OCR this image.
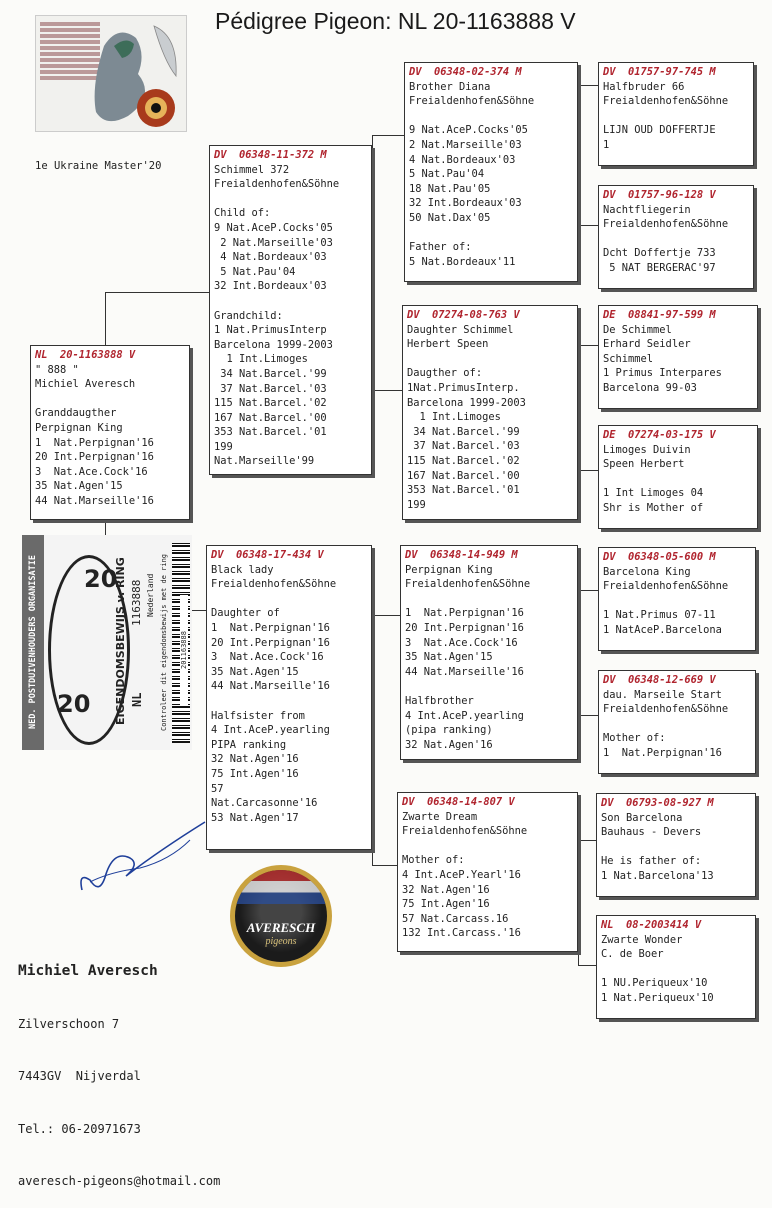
Pédigree Pigeon: NL 20-1163888 V
1e Ukraine Master'20
NL  20-1163888 V
" 888 "
Michiel Averesch
Granddaugther
Perpignan King
1  Nat.Perpignan'16
20 Int.Perpignan'16
3  Nat.Ace.Cock'16
35 Nat.Agen'15
44 Nat.Marseille'16
DV  06348-11-372 M
Schimmel 372
Freialdenhofen&Söhne
Child of:
9 Nat.AceP.Cocks'05
2 Nat.Marseille'03
4 Nat.Bordeaux'03
5 Nat.Pau'04
32 Int.Bordeaux'03
Grandchild:
1 Nat.PrimusInterp
Barcelona 1999-2003
1 Int.Limoges
34 Nat.Barcel.'99
37 Nat.Barcel.'03
115 Nat.Barcel.'02
167 Nat.Barcel.'00
353 Nat.Barcel.'01
199
Nat.Marseille'99
DV  06348-17-434 V
Black lady
Freialdenhofen&Söhne
Daughter of
1  Nat.Perpignan'16
20 Int.Perpignan'16
3  Nat.Ace.Cock'16
35 Nat.Agen'15
44 Nat.Marseille'16
Halfsister from
4 Int.AceP.yearling
PIPA ranking
32 Nat.Agen'16
75 Int.Agen'16
57
Nat.Carcasonne'16
53 Nat.Agen'17
DV  06348-02-374 M
Brother Diana
Freialdenhofen&Söhne
9 Nat.AceP.Cocks'05
2 Nat.Marseille'03
4 Nat.Bordeaux'03
5 Nat.Pau'04
18 Nat.Pau'05
32 Int.Bordeaux'03
50 Nat.Dax'05
Father of:
5 Nat.Bordeaux'11
DV  07274-08-763 V
Daughter Schimmel
Herbert Speen
Daugther of:
1Nat.PrimusInterp.
Barcelona 1999-2003
1 Int.Limoges
34 Nat.Barcel.'99
37 Nat.Barcel.'03
115 Nat.Barcel.'02
167 Nat.Barcel.'00
353 Nat.Barcel.'01
199
DV  06348-14-949 M
Perpignan King
Freialdenhofen&Söhne
1  Nat.Perpignan'16
20 Int.Perpignan'16
3  Nat.Ace.Cock'16
35 Nat.Agen'15
44 Nat.Marseille'16
Halfbrother
4 Int.AceP.yearling
(pipa ranking)
32 Nat.Agen'16
DV  06348-14-807 V
Zwarte Dream
Freialdenhofen&Söhne
Mother of:
4 Int.AceP.Yearl'16
32 Nat.Agen'16
75 Int.Agen'16
57 Nat.Carcass.16
132 Int.Carcass.'16
DV  01757-97-745 M
Halfbruder 66
Freialdenhofen&Söhne
LIJN OUD DOFFERTJE
1
DV  01757-96-128 V
Nachtfliegerin
Freialdenhofen&Söhne
Dcht Doffertje 733
5 NAT BERGERAC'97
DE  08841-97-599 M
De Schimmel
Erhard Seidler
Schimmel
1 Primus Interpares
Barcelona 99-03
DE  07274-03-175 V
Limoges Duivin
Speen Herbert
1 Int Limoges 04
Shr is Mother of
DV  06348-05-600 M
Barcelona King
Freialdenhofen&Söhne
1 Nat.Primus 07-11
1 NatAceP.Barcelona
DV  06348-12-669 V
dau. Marseile Start
Freialdenhofen&Söhne
Mother of:
1  Nat.Perpignan'16
DV  06793-08-927 M
Son Barcelona
Bauhaus - Devers
He is father of:
1 Nat.Barcelona'13
NL  08-2003414 V
Zwarte Wonder
C. de Boer
1 NU.Periqueux'10
1 Nat.Periqueux'10
NED. POSTDUIVENHOUDERS ORGANISATIE 20
20 EIGENDOMSBEWIJS v. RING NL
1163888 Nederland Controleer dit eigendomsbewijs met de ring 201163888
AVERESCH
pigeons

Michiel Averesch

Zilverschoon 7

7443GV  Nijverdal

Tel.: 06-20971673

averesch-pigeons@hotmail.com
